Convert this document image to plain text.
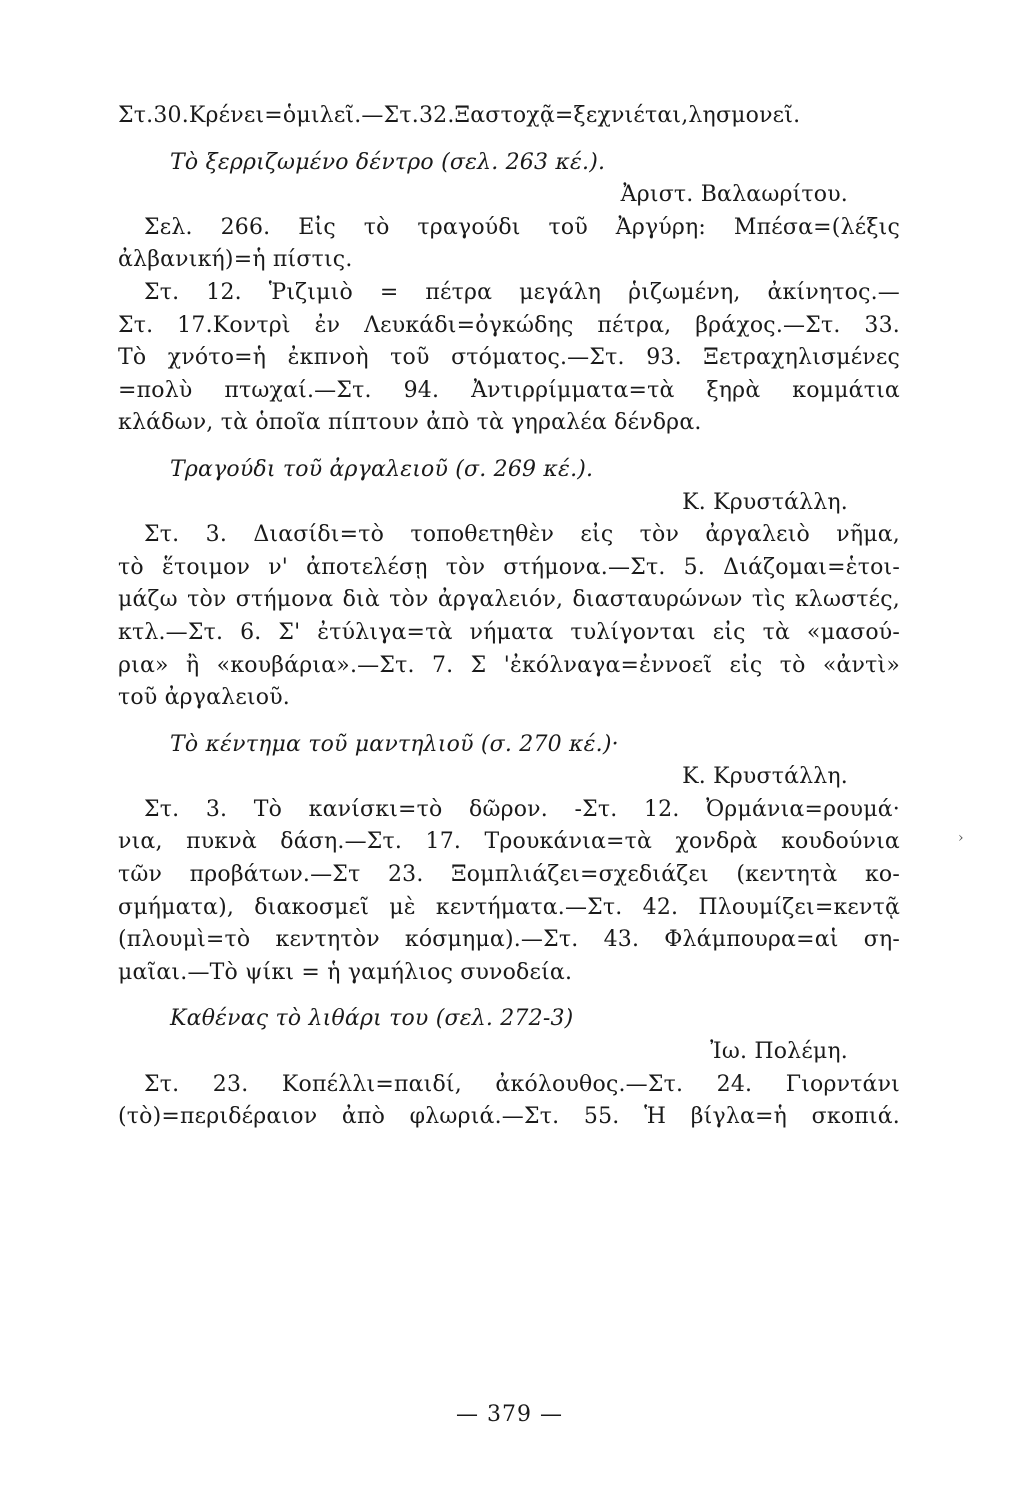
Στ.30.Κρένει=ὁμιλεῖ.—Στ.32.Ξαστοχᾷ=ξεχνιέται,λησμονεῖ.
Τὸ ξερριζωμένο δέντρο (σελ. 263 κέ.).
Ἀριστ. Βαλαωρίτου.
Σελ. 266. Εἰς τὸ τραγούδι τοῦ Ἀργύρη: Μπέσα=(λέξις
ἀλβανική)=ἡ πίστις.
Στ. 12. Ῥιζιμιὸ = πέτρα μεγάλη ῥιζωμένη, ἀκίνητος.—
Στ. 17.Κοντρὶ ἐν Λευκάδι=ὀγκώδης πέτρα, βράχος.—Στ. 33.
Τὸ χνότο=ἡ ἐκπνοὴ τοῦ στόματος.—Στ. 93. Ξετραχηλισμένες
=πολὺ πτωχαί.—Στ. 94. Ἀντιρρίμματα=τὰ ξηρὰ κομμάτια
κλάδων, τὰ ὁποῖα πίπτουν ἀπὸ τὰ γηραλέα δένδρα.
Τραγούδι τοῦ ἀργαλειοῦ (σ. 269 κέ.).
Κ. Κρυστάλλη.
Στ. 3. Διασίδι=τὸ τοποθετηθὲν εἰς τὸν ἀργαλειὸ νῆμα,
τὸ ἕτοιμον ν' ἀποτελέσῃ τὸν στήμονα.—Στ. 5. Διάζομαι=ἑτοι-
μάζω τὸν στήμονα διὰ τὸν ἀργαλειόν, διασταυρώνων τὶς κλωστές,
κτλ.—Στ. 6. Σ' ἐτύλιγα=τὰ νήματα τυλίγονται εἰς τὰ «μασού-
ρια» ἢ «κουβάρια».—Στ. 7. Σ 'ἐκόλναγα=ἐννοεῖ εἰς τὸ «ἀντὶ»
τοῦ ἀργαλειοῦ.
Τὸ κέντημα τοῦ μαντηλιοῦ (σ. 270 κέ.)·
Κ. Κρυστάλλη.
Στ. 3. Τὸ κανίσκι=τὸ δῶρον. -Στ. 12. Ὀρμάνια=ρουμά·
νια, πυκνὰ δάση.—Στ. 17. Τρουκάνια=τὰ χονδρὰ κουδούνια
τῶν προβάτων.—Στ 23. Ξομπλιάζει=σχεδιάζει (κεντητὰ κο-
σμήματα), διακοσμεῖ μὲ κεντήματα.—Στ. 42. Πλουμίζει=κεντᾷ
(πλουμὶ=τὸ κεντητὸν κόσμημα).—Στ. 43. Φλάμπουρα=αἱ ση-
μαῖαι.—Τὸ ψίκι = ἡ γαμήλιος συνοδεία.
Καθένας τὸ λιθάρι του (σελ. 272-3)
Ἰω. Πολέμη.
Στ. 23. Κοπέλλι=παιδί, ἀκόλουθος.—Στ. 24. Γιορντάνι
(τὸ)=περιδέραιον ἀπὸ φλωριά.—Στ. 55. Ἡ βίγλα=ἡ σκοπιά.
›
— 379 —
